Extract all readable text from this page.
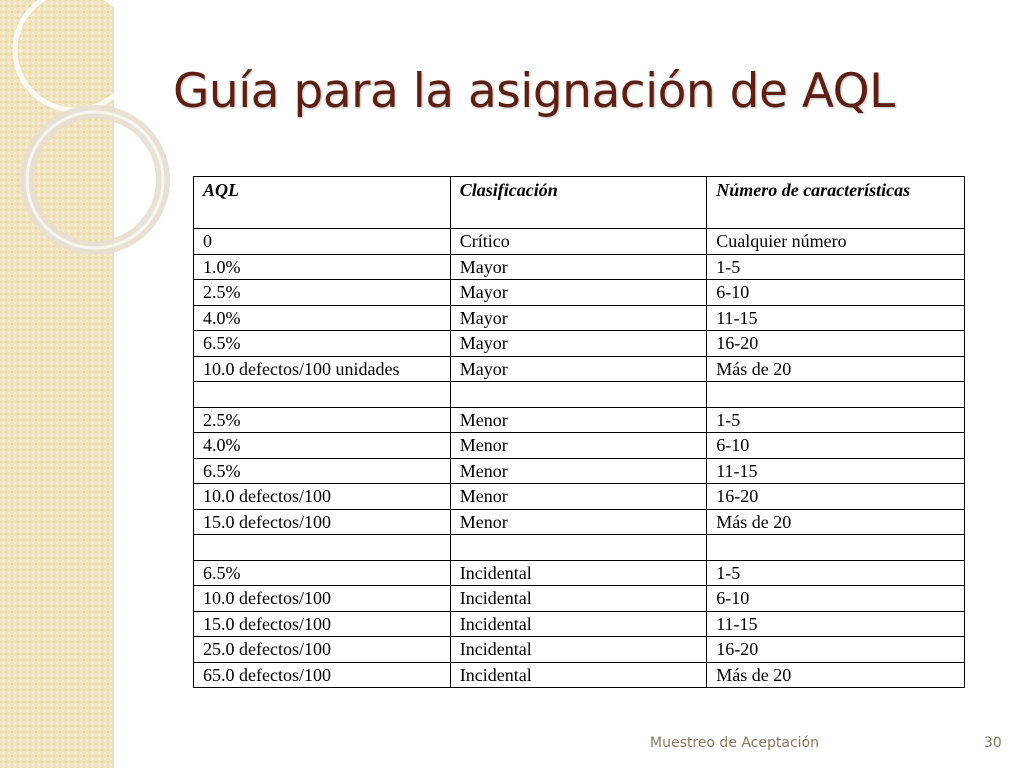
Guía para la asignación de AQL
AQL	Clasificación	Número de características
0	Crítico	Cualquier número
1.0%	Mayor	1-5
2.5%	Mayor	6-10
4.0%	Mayor	11-15
6.5%	Mayor	16-20
10.0 defectos/100 unidades	Mayor	Más de 20

2.5%	Menor	1-5
4.0%	Menor	6-10
6.5%	Menor	11-15
10.0 defectos/100	Menor	16-20
15.0 defectos/100	Menor	Más de 20

6.5%	Incidental	1-5
10.0 defectos/100	Incidental	6-10
15.0 defectos/100	Incidental	11-15
25.0 defectos/100	Incidental	16-20
65.0 defectos/100	Incidental	Más de 20
Muestreo de Aceptación	30
